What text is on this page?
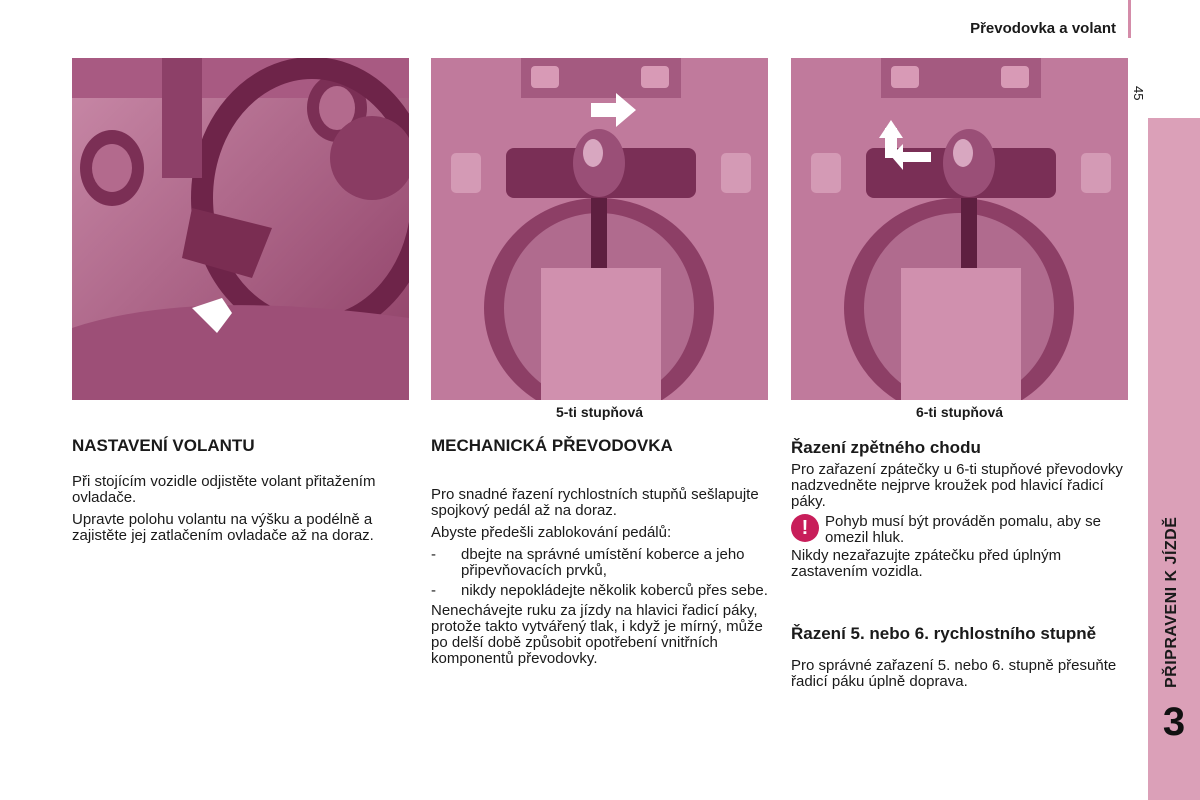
Převodovka a volant
45
PŘIPRAVENI K JÍZDĚ
3
5-ti stupňová	6-ti stupňová

NASTAVENÍ VOLANTU

Při stojícím vozidle odjistěte volant přitažením ovladače.

Upravte polohu volantu na výšku a podélně a zajistěte jej zatlačením ovladače až na doraz.

MECHANICKÁ PŘEVODOVKA

Pro snadné řazení rychlostních stupňů sešlapujte spojkový pedál až na doraz.

Abyste předešli zablokování pedálů:

-	dbejte na správné umístění koberce a jeho připevňovacích prvků,
-	nikdy nepokládejte několik koberců přes sebe.

Nenechávejte ruku za jízdy na hlavici řadicí páky, protože takto vytvářený tlak, i když je mírný, může po delší době způsobit opotřebení vnitřních komponentů převodovky.

Řazení zpětného chodu

Pro zařazení zpátečky u 6-ti stupňové převodovky nadzvedněte nejprve kroužek pod hlavicí řadicí páky.

!	Pohyb musí být prováděn pomalu, aby se omezil hluk.

Nikdy nezařazujte zpátečku před úplným zastavením vozidla.

Řazení 5. nebo 6. rychlostního stupně

Pro správné zařazení 5. nebo 6. stupně přesuňte řadicí páku úplně doprava.
